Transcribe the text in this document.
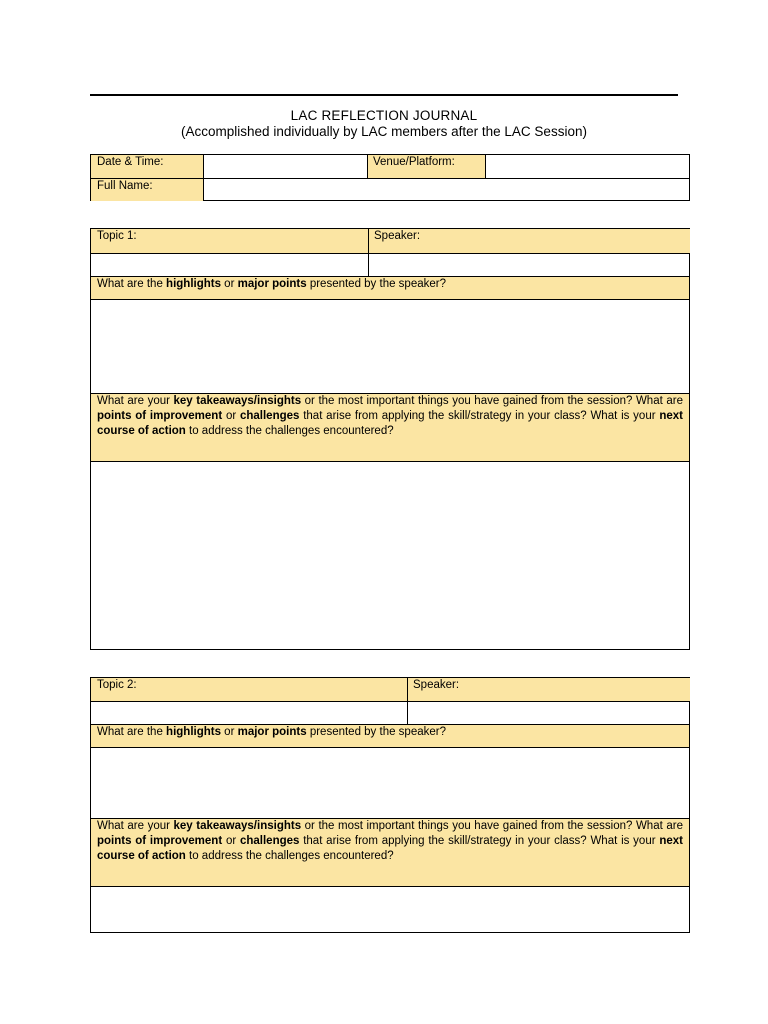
LAC REFLECTION JOURNAL
(Accomplished individually by LAC members after the LAC Session)
Date & Time:	Venue/Platform:
Full Name:
Topic 1:	Speaker:
What are the highlights or major points presented by the speaker?
What are your key takeaways/insights or the most important things you have gained from the session? What are points of improvement or challenges that arise from applying the skill/strategy in your class? What is your next course of action to address the challenges encountered?
Topic 2:	Speaker:
What are the highlights or major points presented by the speaker?
What are your key takeaways/insights or the most important things you have gained from the session? What are points of improvement or challenges that arise from applying the skill/strategy in your class? What is your next course of action to address the challenges encountered?
